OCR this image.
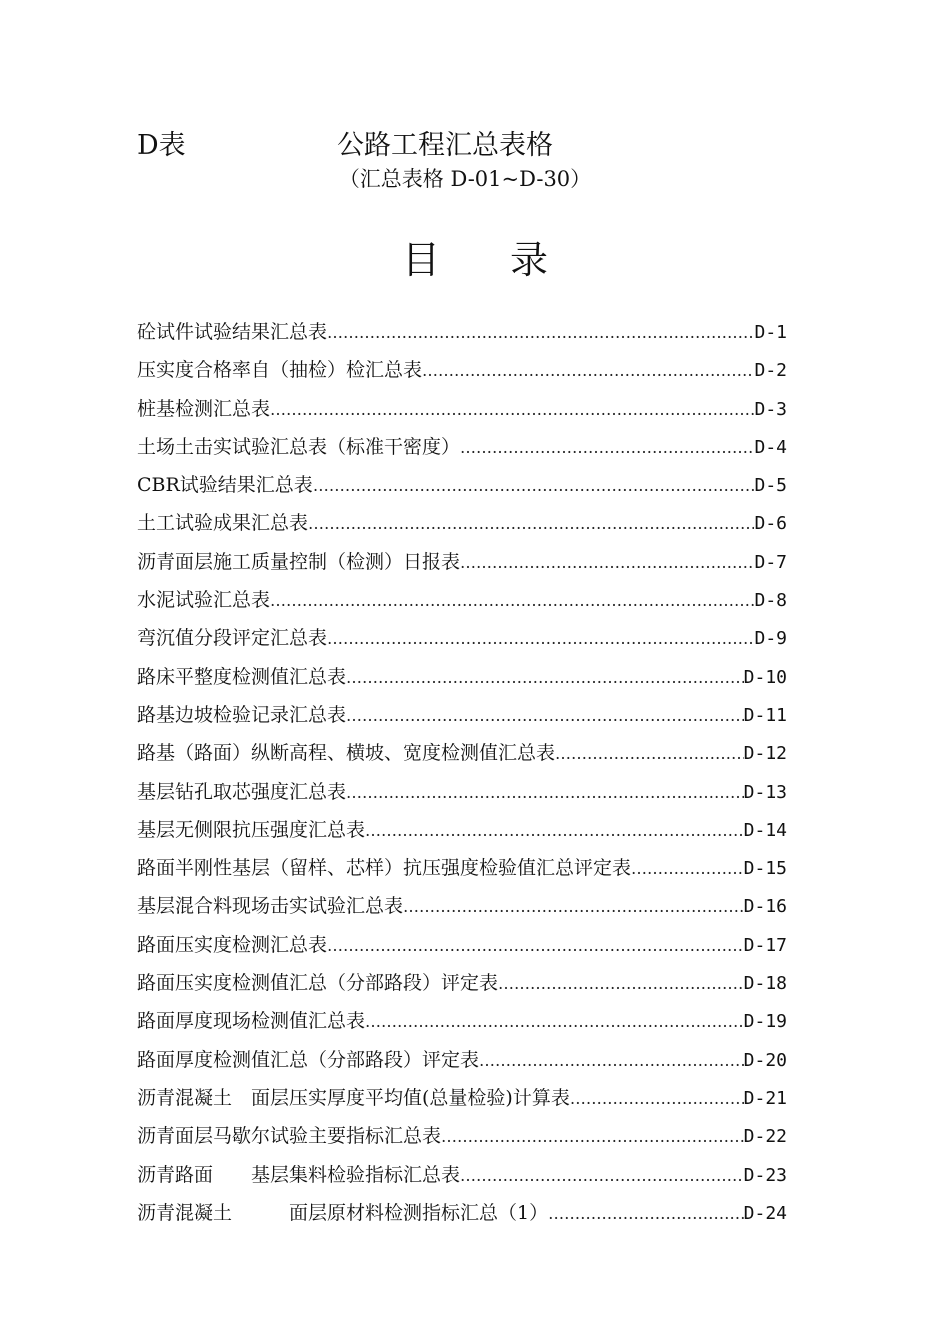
D表	公路工程汇总表格
（汇总表格 D-01~D-30）
目录
砼试件试验结果汇总表 ……………………………………………………………………………………………………………………………………………………………………	D-1
压实度合格率自（抽检）检汇总表 ……………………………………………………………………………………………………………………………………………………………………	D-2
桩基检测汇总表 ……………………………………………………………………………………………………………………………………………………………………	D-3
土场土击实试验汇总表（标准干密度） ……………………………………………………………………………………………………………………………………………………………………	D-4
CBR试验结果汇总表 ……………………………………………………………………………………………………………………………………………………………………	D-5
土工试验成果汇总表 ……………………………………………………………………………………………………………………………………………………………………	D-6
沥青面层施工质量控制（检测）日报表 ……………………………………………………………………………………………………………………………………………………………………	D-7
水泥试验汇总表 ……………………………………………………………………………………………………………………………………………………………………	D-8
弯沉值分段评定汇总表 ……………………………………………………………………………………………………………………………………………………………………	D-9
路床平整度检测值汇总表 ……………………………………………………………………………………………………………………………………………………………………	D-10
路基边坡检验记录汇总表 ……………………………………………………………………………………………………………………………………………………………………	D-11
路基（路面）纵断高程、横坡、宽度检测值汇总表 ……………………………………………………………………………………………………………………………………………………………………	D-12
基层钻孔取芯强度汇总表 ……………………………………………………………………………………………………………………………………………………………………	D-13
基层无侧限抗压强度汇总表 ……………………………………………………………………………………………………………………………………………………………………	D-14
路面半刚性基层（留样、芯样）抗压强度检验值汇总评定表 ……………………………………………………………………………………………………………………………………………………………………	D-15
基层混合料现场击实试验汇总表 ……………………………………………………………………………………………………………………………………………………………………	D-16
路面压实度检测汇总表 ……………………………………………………………………………………………………………………………………………………………………	D-17
路面压实度检测值汇总（分部路段）评定表 ……………………………………………………………………………………………………………………………………………………………………	D-18
路面厚度现场检测值汇总表 ……………………………………………………………………………………………………………………………………………………………………	D-19
路面厚度检测值汇总（分部路段）评定表 ……………………………………………………………………………………………………………………………………………………………………	D-20
沥青混凝土　面层压实厚度平均值(总量检验)计算表 ……………………………………………………………………………………………………………………………………………………………………	D-21
沥青面层马歇尔试验主要指标汇总表 ……………………………………………………………………………………………………………………………………………………………………	D-22
沥青路面　　基层集料检验指标汇总表 ……………………………………………………………………………………………………………………………………………………………………	D-23
沥青混凝土　　　面层原材料检测指标汇总（1） ……………………………………………………………………………………………………………………………………………………………………	D-24
